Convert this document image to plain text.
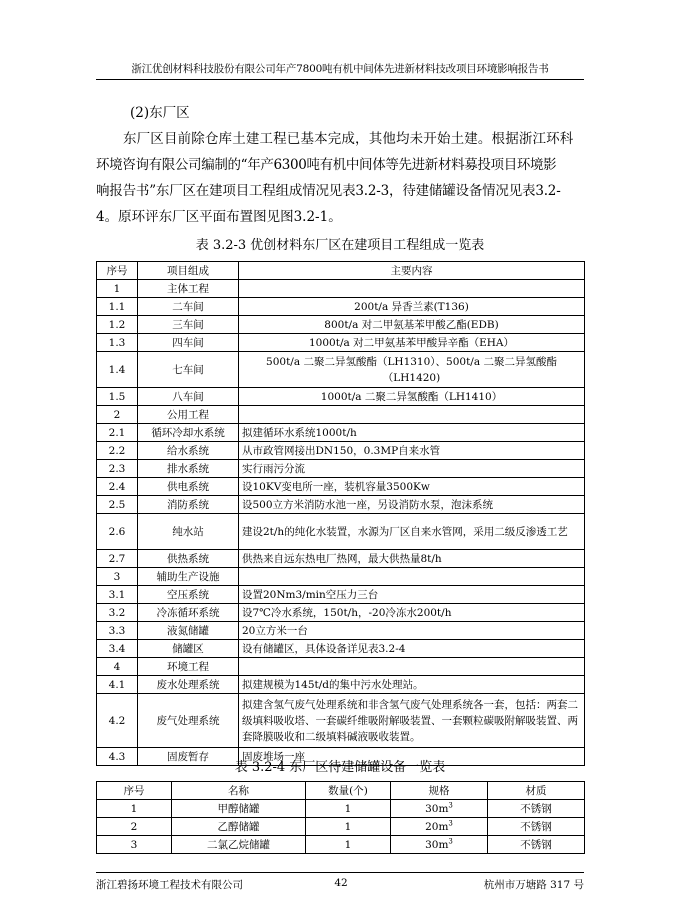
浙江优创材料科技股份有限公司年产7800吨有机中间体先进新材料技改项目环境影响报告书
(2)东厂区
东厂区目前除仓库土建工程已基本完成，其他均未开始土建。根据浙江环科
环境咨询有限公司编制的“年产6300吨有机中间体等先进新材料募投项目环境影
响报告书”东厂区在建项目工程组成情况见表3.2-3，待建储罐设备情况见表3.2-
4。原环评东厂区平面布置图见图3.2-1。
表 3.2-3 优创材料东厂区在建项目工程组成一览表
序号	项目组成	主要内容
1	主体工程	
1.1	二车间	200t/a 异香兰素(T136)
1.2	三车间	800t/a 对二甲氨基苯甲酸乙酯(EDB)
1.3	四车间	1000t/a 对二甲氨基苯甲酸异辛酯（EHA）
1.4	七车间	500t/a 二聚二异氢酸酯（LH1310）、500t/a 二聚二异氢酸酯（LH1420)
1.5	八车间	1000t/a 二聚二异氢酸酯（LH1410）
2	公用工程	
2.1	循环冷却水系统	拟建循环水系统1000t/h
2.2	给水系统	从市政管网接出DN150，0.3MP自来水管
2.3	排水系统	实行雨污分流
2.4	供电系统	设10KV变电所一座，装机容量3500Kw
2.5	消防系统	设500立方米消防水池一座，另设消防水泵，泡沫系统
2.6	纯水站	建设2t/h的纯化水装置，水源为厂区自来水管网，采用二级反渗透工艺
2.7	供热系统	供热来自远东热电厂热网，最大供热量8t/h
3	辅助生产设施	
3.1	空压系统	设置20Nm3/min空压力三台
3.2	冷冻循环系统	设7℃冷水系统，150t/h，-20冷冻水200t/h
3.3	液氮储罐	20立方米一台
3.4	储罐区	设有储罐区，具体设备详见表3.2-4
4	环境工程	
4.1	废水处理系统	拟建规模为145t/d的集中污水处理站。
4.2	废气处理系统	拟建含氢气废气处理系统和非含氢气废气处理系统各一套，包括：两套二级填料吸收塔、一套碳纤维吸附解吸装置、一套颗粒碳吸附解吸装置、两套降膜吸收和二级填料碱液吸收装置。
4.3	固废暂存	固废堆场一座
表 3.2-4 东厂区待建储罐设备一览表
序号	名称	数量(个)	规格	材质
1	甲醇储罐	1	$30m^3$	不锈钢
2	乙醇储罐	1	$20m^3$	不锈钢
3	二氯乙烷储罐	1	$30m^3$	不锈钢
浙江碧扬环境工程技术有限公司	42	杭州市万塘路 317 号
